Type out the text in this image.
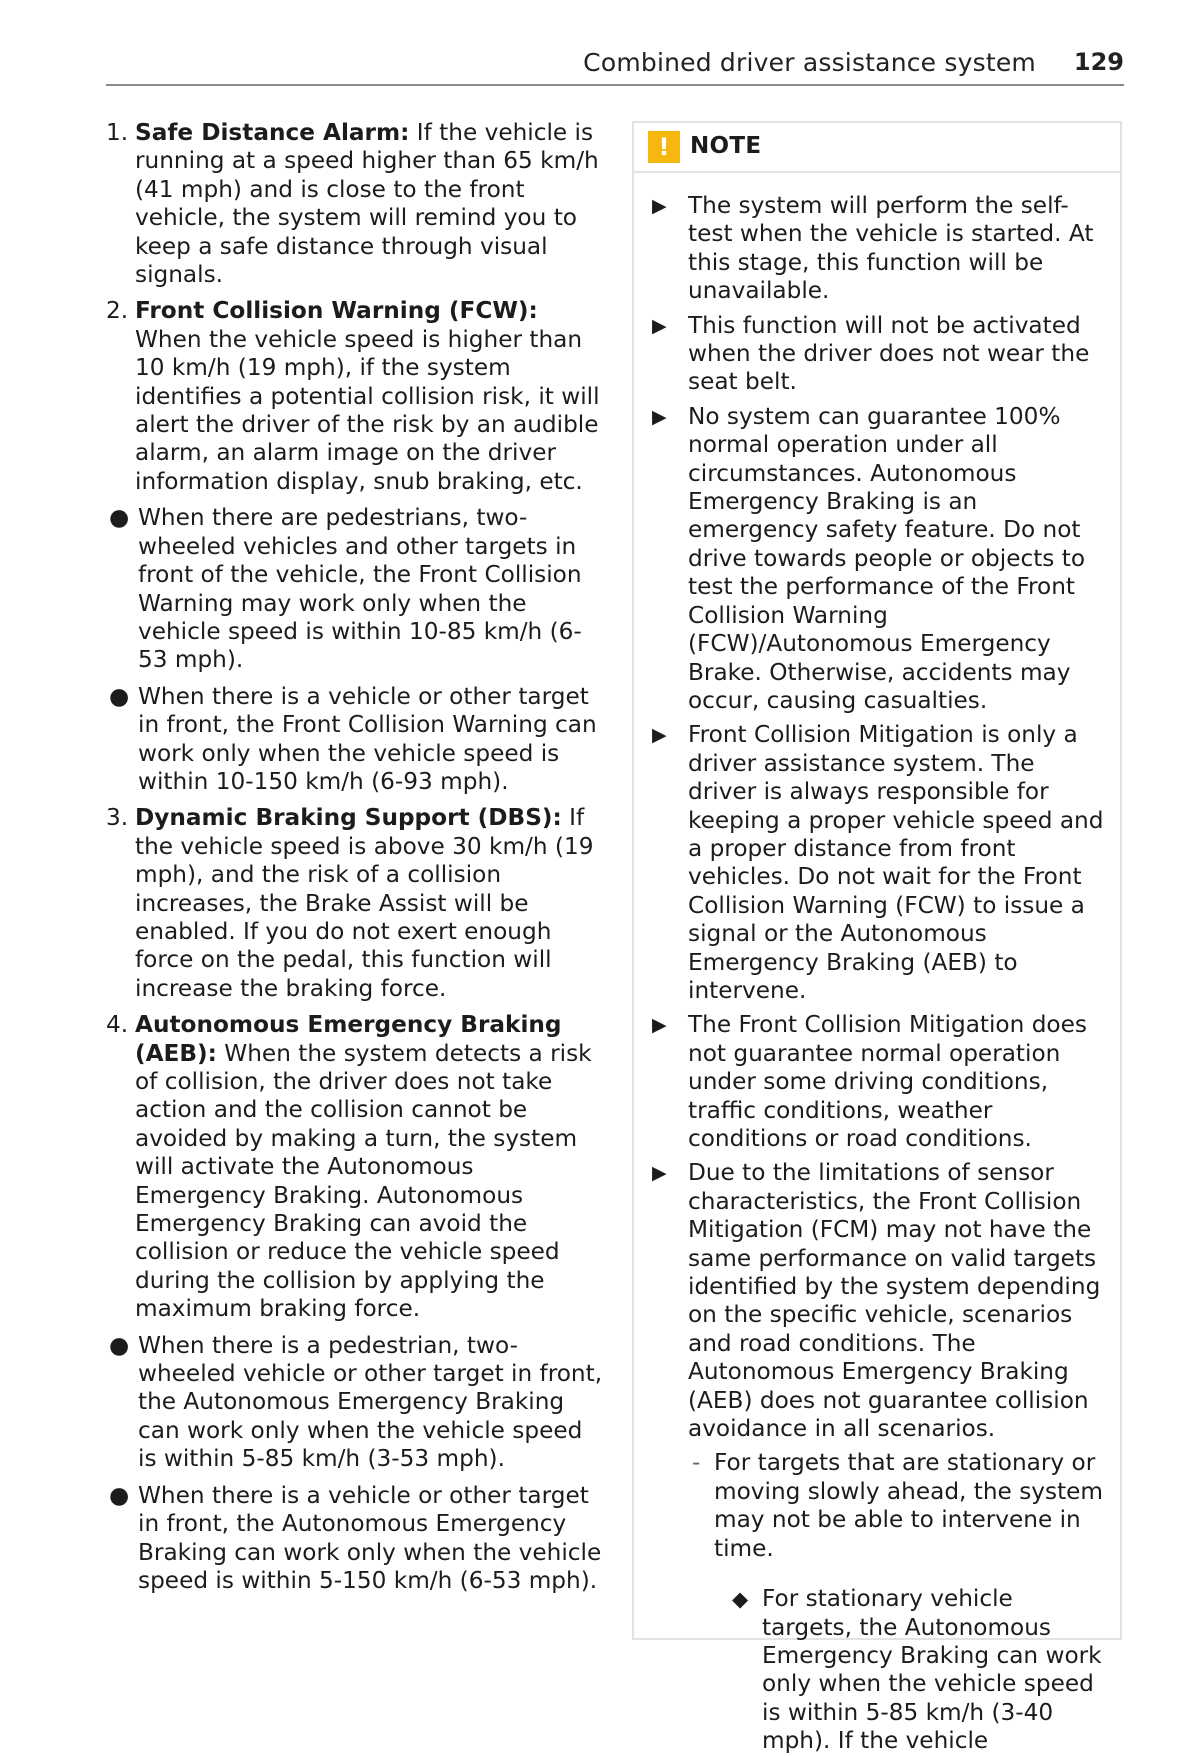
Combined driver assistance system 129
1. Safe Distance Alarm: If the vehicle is running at a speed higher than 65 km/h (41 mph) and is close to the front vehicle, the system will remind you to keep a safe distance through visual signals.
2. Front Collision Warning (FCW): When the vehicle speed is higher than 10 km/h (19 mph), if the system identifies a potential collision risk, it will alert the driver of the risk by an audible alarm, an alarm image on the driver information display, snub braking, etc.
● When there are pedestrians, two-wheeled vehicles and other targets in front of the vehicle, the Front Collision Warning may work only when the vehicle speed is within 10-85 km/h (6-53 mph).
● When there is a vehicle or other target in front, the Front Collision Warning can work only when the vehicle speed is within 10-150 km/h (6-93 mph).
3. Dynamic Braking Support (DBS): If the vehicle speed is above 30 km/h (19 mph), and the risk of a collision increases, the Brake Assist will be enabled. If you do not exert enough force on the pedal, this function will increase the braking force.
4. Autonomous Emergency Braking (AEB): When the system detects a risk of collision, the driver does not take action and the collision cannot be avoided by making a turn, the system will activate the Autonomous Emergency Braking. Autonomous Emergency Braking can avoid the collision or reduce the vehicle speed during the collision by applying the maximum braking force.
● When there is a pedestrian, two-wheeled vehicle or other target in front, the Autonomous Emergency Braking can work only when the vehicle speed is within 5-85 km/h (3-53 mph).
● When there is a vehicle or other target in front, the Autonomous Emergency Braking can work only when the vehicle speed is within 5-150 km/h (6-53 mph).
! NOTE
▶ The system will perform the self-test when the vehicle is started. At this stage, this function will be unavailable.
▶ This function will not be activated when the driver does not wear the seat belt.
▶ No system can guarantee 100% normal operation under all circumstances. Autonomous Emergency Braking is an emergency safety feature. Do not drive towards people or objects to test the performance of the Front Collision Warning (FCW)/Autonomous Emergency Brake. Otherwise, accidents may occur, causing casualties.
▶ Front Collision Mitigation is only a driver assistance system. The driver is always responsible for keeping a proper vehicle speed and a proper distance from front vehicles. Do not wait for the Front Collision Warning (FCW) to issue a signal or the Autonomous Emergency Braking (AEB) to intervene.
▶ The Front Collision Mitigation does not guarantee normal operation under some driving conditions, traffic conditions, weather conditions or road conditions.
▶ Due to the limitations of sensor characteristics, the Front Collision Mitigation (FCM) may not have the same performance on valid targets identified by the system depending on the specific vehicle, scenarios and road conditions. The Autonomous Emergency Braking (AEB) does not guarantee collision avoidance in all scenarios.
- For targets that are stationary or moving slowly ahead, the system may not be able to intervene in time.
◆ For stationary vehicle targets, the Autonomous Emergency Braking can work only when the vehicle speed is within 5-85 km/h (3-40 mph). If the vehicle
